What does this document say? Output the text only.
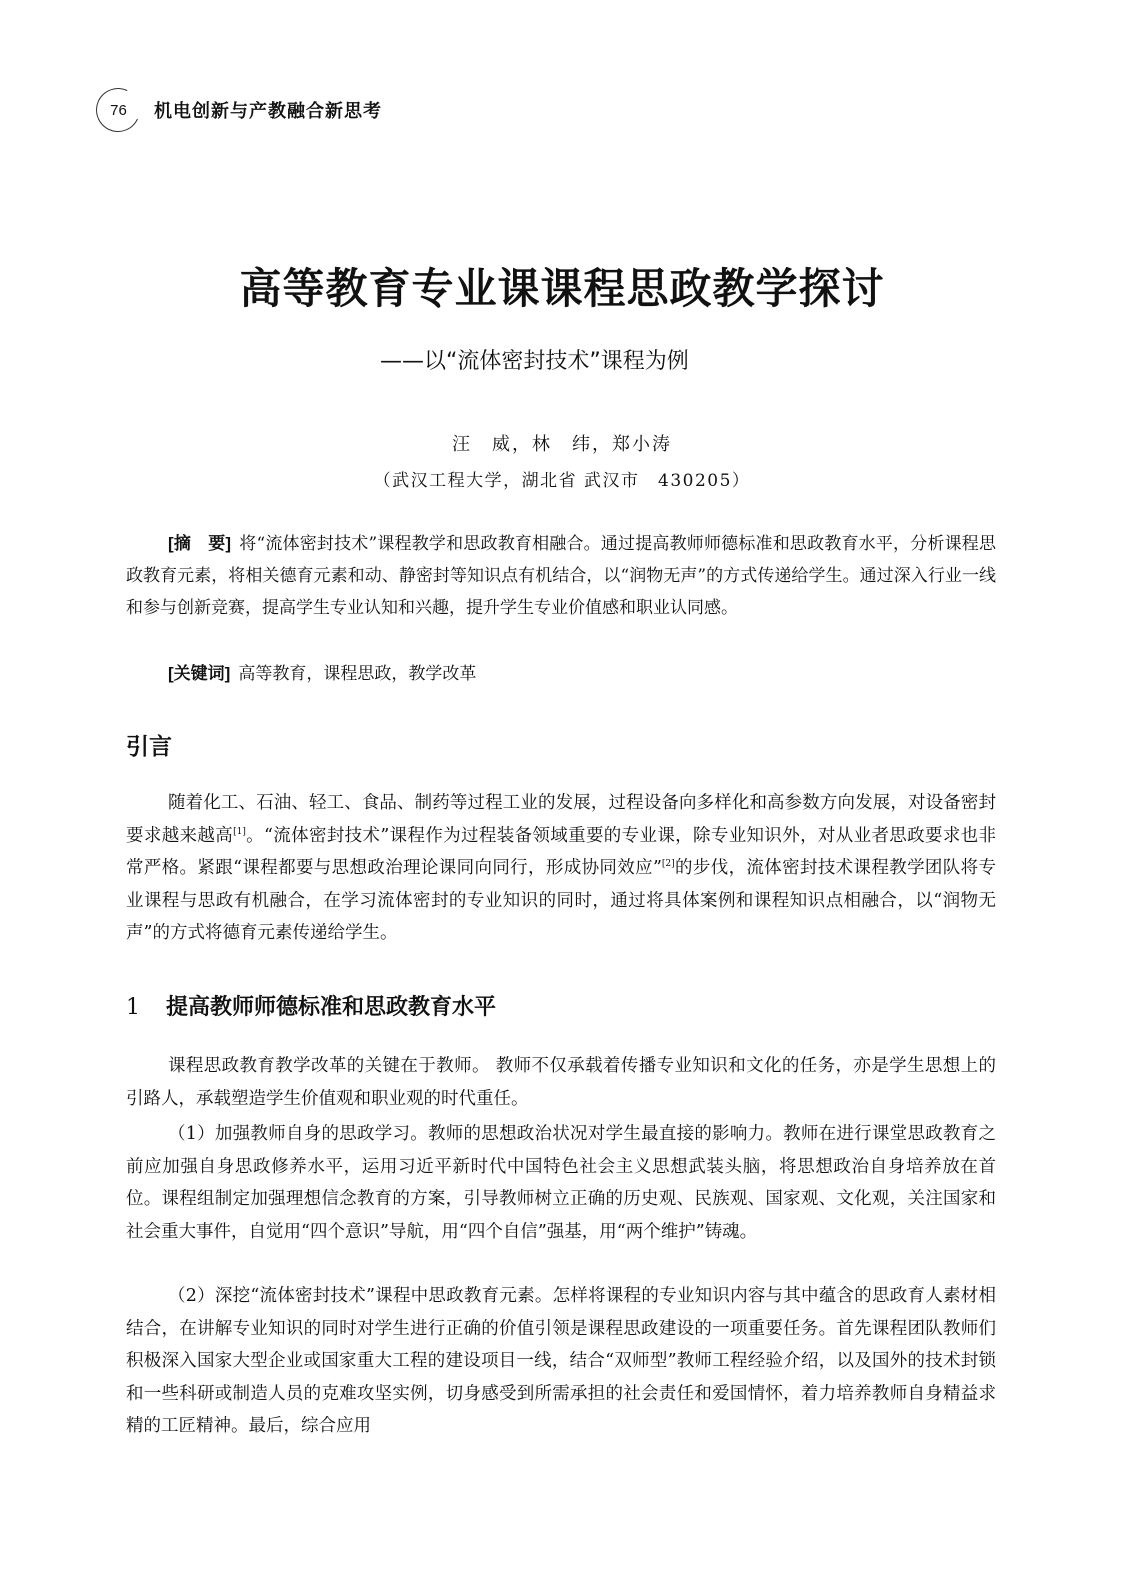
76 机电创新与产教融合新思考
高等教育专业课课程思政教学探讨
——以“流体密封技术”课程为例
汪　威，林　纬，郑小涛
（武汉工程大学，湖北省 武汉市　430205）
[摘　要] 将“流体密封技术”课程教学和思政教育相融合。通过提高教师师德标准和思政教育水平，分析课程思政教育元素，将相关德育元素和动、静密封等知识点有机结合，以“润物无声”的方式传递给学生。通过深入行业一线和参与创新竞赛，提高学生专业认知和兴趣，提升学生专业价值感和职业认同感。
[关键词] 高等教育，课程思政，教学改革
引言
随着化工、石油、轻工、食品、制药等过程工业的发展，过程设备向多样化和高参数方向发展，对设备密封要求越来越高[1]。“流体密封技术”课程作为过程装备领域重要的专业课，除专业知识外，对从业者思政要求也非常严格。紧跟“课程都要与思想政治理论课同向同行，形成协同效应”[2]的步伐，流体密封技术课程教学团队将专业课程与思政有机融合，在学习流体密封的专业知识的同时，通过将具体案例和课程知识点相融合，以“润物无声”的方式将德育元素传递给学生。
1 提高教师师德标准和思政教育水平
课程思政教育教学改革的关键在于教师。 教师不仅承载着传播专业知识和文化的任务，亦是学生思想上的引路人，承载塑造学生价值观和职业观的时代重任。
（1）加强教师自身的思政学习。教师的思想政治状况对学生最直接的影响力。教师在进行课堂思政教育之前应加强自身思政修养水平，运用习近平新时代中国特色社会主义思想武装头脑，将思想政治自身培养放在首位。课程组制定加强理想信念教育的方案，引导教师树立正确的历史观、民族观、国家观、文化观，关注国家和社会重大事件，自觉用“四个意识”导航，用“四个自信”强基，用“两个维护”铸魂。
（2）深挖“流体密封技术”课程中思政教育元素。怎样将课程的专业知识内容与其中蕴含的思政育人素材相结合，在讲解专业知识的同时对学生进行正确的价值引领是课程思政建设的一项重要任务。首先课程团队教师们积极深入国家大型企业或国家重大工程的建设项目一线，结合“双师型”教师工程经验介绍，以及国外的技术封锁和一些科研或制造人员的克难攻坚实例，切身感受到所需承担的社会责任和爱国情怀，着力培养教师自身精益求精的工匠精神。最后，综合应用
